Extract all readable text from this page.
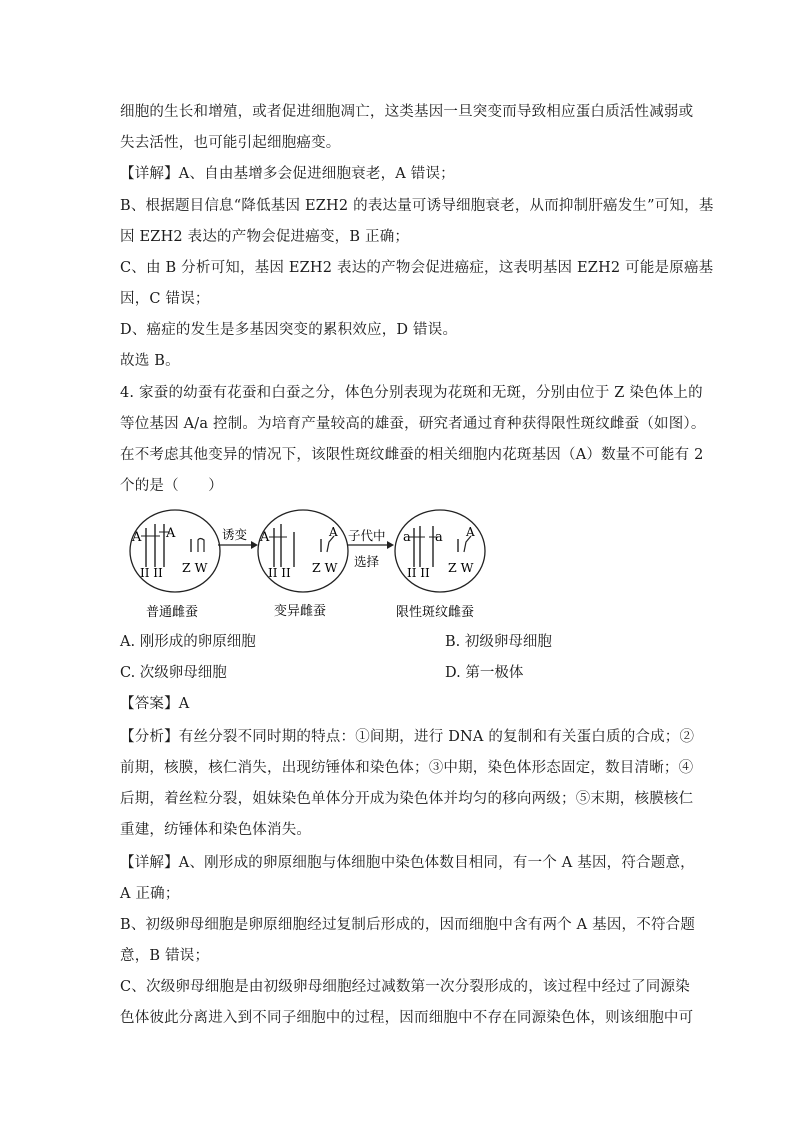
细胞的生长和增殖，或者促进细胞凋亡，这类基因一旦突变而导致相应蛋白质活性减弱或
失去活性，也可能引起细胞癌变。
【详解】A、自由基增多会促进细胞衰老，A 错误；
B、根据题目信息“降低基因 EZH2 的表达量可诱导细胞衰老，从而抑制肝癌发生”可知，基
因 EZH2 表达的产物会促进癌变，B 正确；
C、由 B 分析可知，基因 EZH2 表达的产物会促进癌症，这表明基因 EZH2 可能是原癌基
因，C 错误；
D、癌症的发生是多基因突变的累积效应，D 错误。
故选 B。
4. 家蚕的幼蚕有花蚕和白蚕之分，体色分别表现为花斑和无斑，分别由位于 Z 染色体上的
等位基因 A/a 控制。为培育产量较高的雄蚕，研究者通过育种获得限性斑纹雌蚕（如图）。
在不考虑其他变异的情况下，该限性斑纹雌蚕的相关细胞内花斑基因（A）数量不可能有 2
个的是（　　）
A A
II II Z W
诱变 A	A
Z W
II II
子代中
选择
a a A
Z W
II II
普通雌蚕	变异雌蚕	限性斑纹雌蚕
A. 刚形成的卵原细胞	B. 初级卵母细胞
C. 次级卵母细胞	D. 第一极体
【答案】A
【分析】有丝分裂不同时期的特点：①间期，进行 DNA 的复制和有关蛋白质的合成；②
前期，核膜，核仁消失，出现纺锤体和染色体；③中期，染色体形态固定，数目清晰；④
后期，着丝粒分裂，姐妹染色单体分开成为染色体并均匀的移向两级；⑤末期，核膜核仁
重建，纺锤体和染色体消失。
【详解】A、刚形成的卵原细胞与体细胞中染色体数目相同，有一个 A 基因，符合题意，
A 正确；
B、初级卵母细胞是卵原细胞经过复制后形成的，因而细胞中含有两个 A 基因，不符合题
意，B 错误；
C、次级卵母细胞是由初级卵母细胞经过减数第一次分裂形成的，该过程中经过了同源染
色体彼此分离进入到不同子细胞中的过程，因而细胞中不存在同源染色体，则该细胞中可
